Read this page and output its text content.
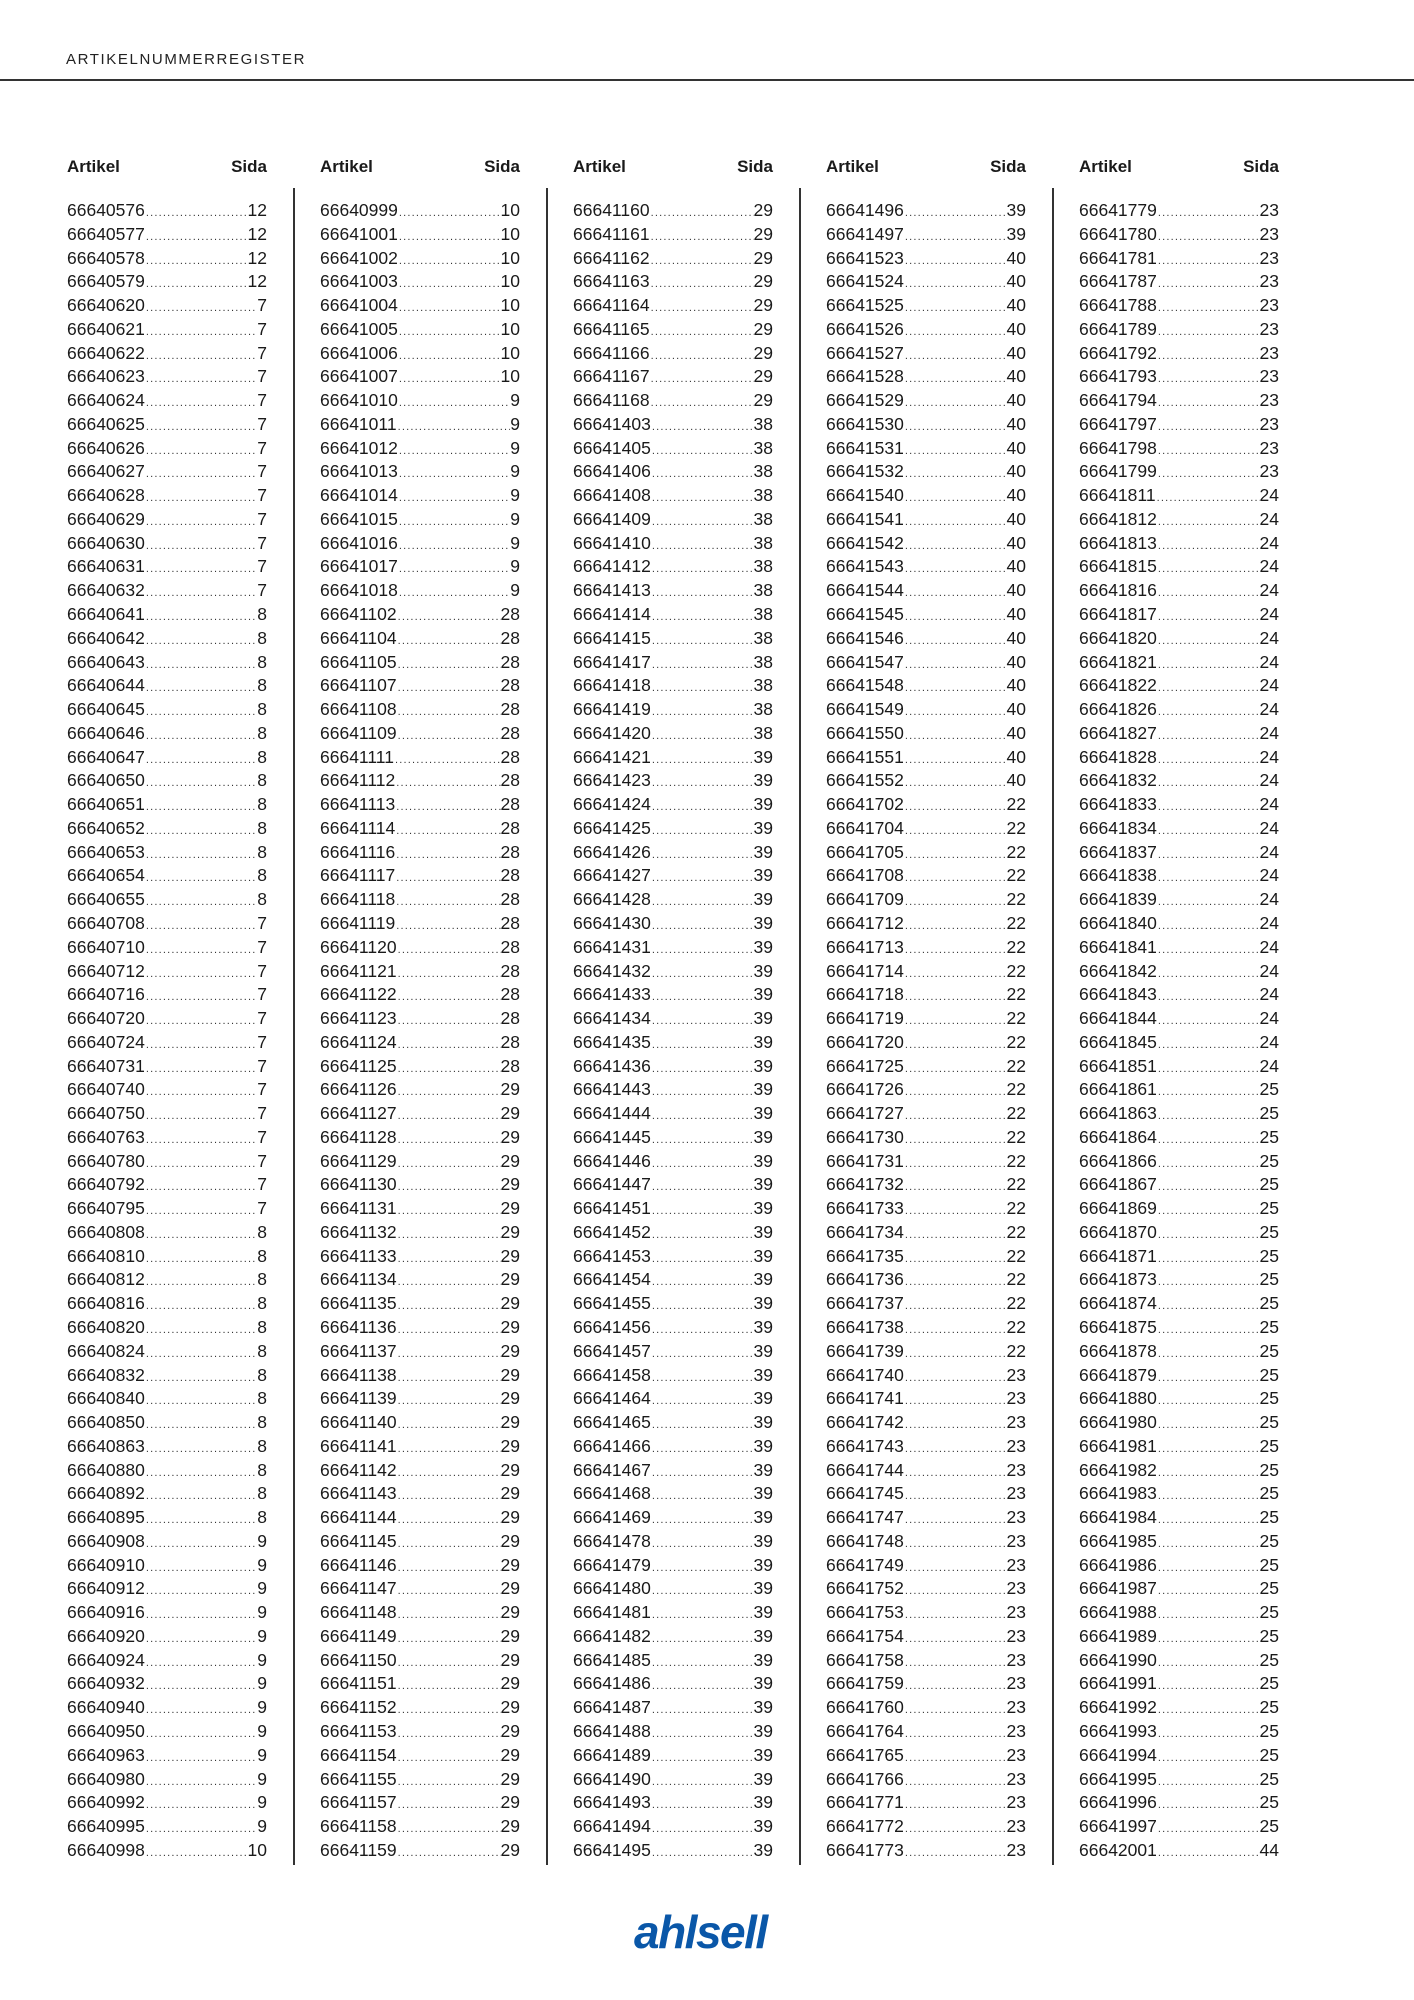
ARTIKELNUMMERREGISTER
Artikel	Sida
66640576 .....	12
66640577 .....	12
66640578 .....	12
66640579 .....	12
66640620 .....	7
66640621 .....	7
66640622 .....	7
66640623 .....	7
66640624 .....	7
66640625 .....	7
66640626 .....	7
66640627 .....	7
66640628 .....	7
66640629 .....	7
66640630 .....	7
66640631 .....	7
66640632 .....	7
66640641 .....	8
66640642 .....	8
66640643 .....	8
66640644 .....	8
66640645 .....	8
66640646 .....	8
66640647 .....	8
66640650 .....	8
66640651 .....	8
66640652 .....	8
66640653 .....	8
66640654 .....	8
66640655 .....	8
66640708 .....	7
66640710 .....	7
66640712 .....	7
66640716 .....	7
66640720 .....	7
66640724 .....	7
66640731 .....	7
66640740 .....	7
66640750 .....	7
66640763 .....	7
66640780 .....	7
66640792 .....	7
66640795 .....	7
66640808 .....	8
66640810 .....	8
66640812 .....	8
66640816 .....	8
66640820 .....	8
66640824 .....	8
66640832 .....	8
66640840 .....	8
66640850 .....	8
66640863 .....	8
66640880 .....	8
66640892 .....	8
66640895 .....	8
66640908 .....	9
66640910 .....	9
66640912 .....	9
66640916 .....	9
66640920 .....	9
66640924 .....	9
66640932 .....	9
66640940 .....	9
66640950 .....	9
66640963 .....	9
66640980 .....	9
66640992 .....	9
66640995 .....	9
66640998 .....	10
Artikel	Sida
66640999 .....	10
66641001 .....	10
66641002 .....	10
66641003 .....	10
66641004 .....	10
66641005 .....	10
66641006 .....	10
66641007 .....	10
66641010 .....	9
66641011 .....	9
66641012 .....	9
66641013 .....	9
66641014 .....	9
66641015 .....	9
66641016 .....	9
66641017 .....	9
66641018 .....	9
66641102 .....	28
66641104 .....	28
66641105 .....	28
66641107 .....	28
66641108 .....	28
66641109 .....	28
66641111 .....	28
66641112 .....	28
66641113 .....	28
66641114 .....	28
66641116 .....	28
66641117 .....	28
66641118 .....	28
66641119 .....	28
66641120 .....	28
66641121 .....	28
66641122 .....	28
66641123 .....	28
66641124 .....	28
66641125 .....	28
66641126 .....	29
66641127 .....	29
66641128 .....	29
66641129 .....	29
66641130 .....	29
66641131 .....	29
66641132 .....	29
66641133 .....	29
66641134 .....	29
66641135 .....	29
66641136 .....	29
66641137 .....	29
66641138 .....	29
66641139 .....	29
66641140 .....	29
66641141 .....	29
66641142 .....	29
66641143 .....	29
66641144 .....	29
66641145 .....	29
66641146 .....	29
66641147 .....	29
66641148 .....	29
66641149 .....	29
66641150 .....	29
66641151 .....	29
66641152 .....	29
66641153 .....	29
66641154 .....	29
66641155 .....	29
66641157 .....	29
66641158 .....	29
66641159 .....	29
Artikel	Sida
66641160 .....	29
66641161 .....	29
66641162 .....	29
66641163 .....	29
66641164 .....	29
66641165 .....	29
66641166 .....	29
66641167 .....	29
66641168 .....	29
66641403 .....	38
66641405 .....	38
66641406 .....	38
66641408 .....	38
66641409 .....	38
66641410 .....	38
66641412 .....	38
66641413 .....	38
66641414 .....	38
66641415 .....	38
66641417 .....	38
66641418 .....	38
66641419 .....	38
66641420 .....	38
66641421 .....	39
66641423 .....	39
66641424 .....	39
66641425 .....	39
66641426 .....	39
66641427 .....	39
66641428 .....	39
66641430 .....	39
66641431 .....	39
66641432 .....	39
66641433 .....	39
66641434 .....	39
66641435 .....	39
66641436 .....	39
66641443 .....	39
66641444 .....	39
66641445 .....	39
66641446 .....	39
66641447 .....	39
66641451 .....	39
66641452 .....	39
66641453 .....	39
66641454 .....	39
66641455 .....	39
66641456 .....	39
66641457 .....	39
66641458 .....	39
66641464 .....	39
66641465 .....	39
66641466 .....	39
66641467 .....	39
66641468 .....	39
66641469 .....	39
66641478 .....	39
66641479 .....	39
66641480 .....	39
66641481 .....	39
66641482 .....	39
66641485 .....	39
66641486 .....	39
66641487 .....	39
66641488 .....	39
66641489 .....	39
66641490 .....	39
66641493 .....	39
66641494 .....	39
66641495 .....	39
Artikel	Sida
66641496 .....	39
66641497 .....	39
66641523 .....	40
66641524 .....	40
66641525 .....	40
66641526 .....	40
66641527 .....	40
66641528 .....	40
66641529 .....	40
66641530 .....	40
66641531 .....	40
66641532 .....	40
66641540 .....	40
66641541 .....	40
66641542 .....	40
66641543 .....	40
66641544 .....	40
66641545 .....	40
66641546 .....	40
66641547 .....	40
66641548 .....	40
66641549 .....	40
66641550 .....	40
66641551 .....	40
66641552 .....	40
66641702 .....	22
66641704 .....	22
66641705 .....	22
66641708 .....	22
66641709 .....	22
66641712 .....	22
66641713 .....	22
66641714 .....	22
66641718 .....	22
66641719 .....	22
66641720 .....	22
66641725 .....	22
66641726 .....	22
66641727 .....	22
66641730 .....	22
66641731 .....	22
66641732 .....	22
66641733 .....	22
66641734 .....	22
66641735 .....	22
66641736 .....	22
66641737 .....	22
66641738 .....	22
66641739 .....	22
66641740 .....	23
66641741 .....	23
66641742 .....	23
66641743 .....	23
66641744 .....	23
66641745 .....	23
66641747 .....	23
66641748 .....	23
66641749 .....	23
66641752 .....	23
66641753 .....	23
66641754 .....	23
66641758 .....	23
66641759 .....	23
66641760 .....	23
66641764 .....	23
66641765 .....	23
66641766 .....	23
66641771 .....	23
66641772 .....	23
66641773 .....	23
Artikel	Sida
66641779 .....	23
66641780 .....	23
66641781 .....	23
66641787 .....	23
66641788 .....	23
66641789 .....	23
66641792 .....	23
66641793 .....	23
66641794 .....	23
66641797 .....	23
66641798 .....	23
66641799 .....	23
66641811 .....	24
66641812 .....	24
66641813 .....	24
66641815 .....	24
66641816 .....	24
66641817 .....	24
66641820 .....	24
66641821 .....	24
66641822 .....	24
66641826 .....	24
66641827 .....	24
66641828 .....	24
66641832 .....	24
66641833 .....	24
66641834 .....	24
66641837 .....	24
66641838 .....	24
66641839 .....	24
66641840 .....	24
66641841 .....	24
66641842 .....	24
66641843 .....	24
66641844 .....	24
66641845 .....	24
66641851 .....	24
66641861 .....	25
66641863 .....	25
66641864 .....	25
66641866 .....	25
66641867 .....	25
66641869 .....	25
66641870 .....	25
66641871 .....	25
66641873 .....	25
66641874 .....	25
66641875 .....	25
66641878 .....	25
66641879 .....	25
66641880 .....	25
66641980 .....	25
66641981 .....	25
66641982 .....	25
66641983 .....	25
66641984 .....	25
66641985 .....	25
66641986 .....	25
66641987 .....	25
66641988 .....	25
66641989 .....	25
66641990 .....	25
66641991 .....	25
66641992 .....	25
66641993 .....	25
66641994 .....	25
66641995 .....	25
66641996 .....	25
66641997 .....	25
66642001 .....	44
ahlsell
